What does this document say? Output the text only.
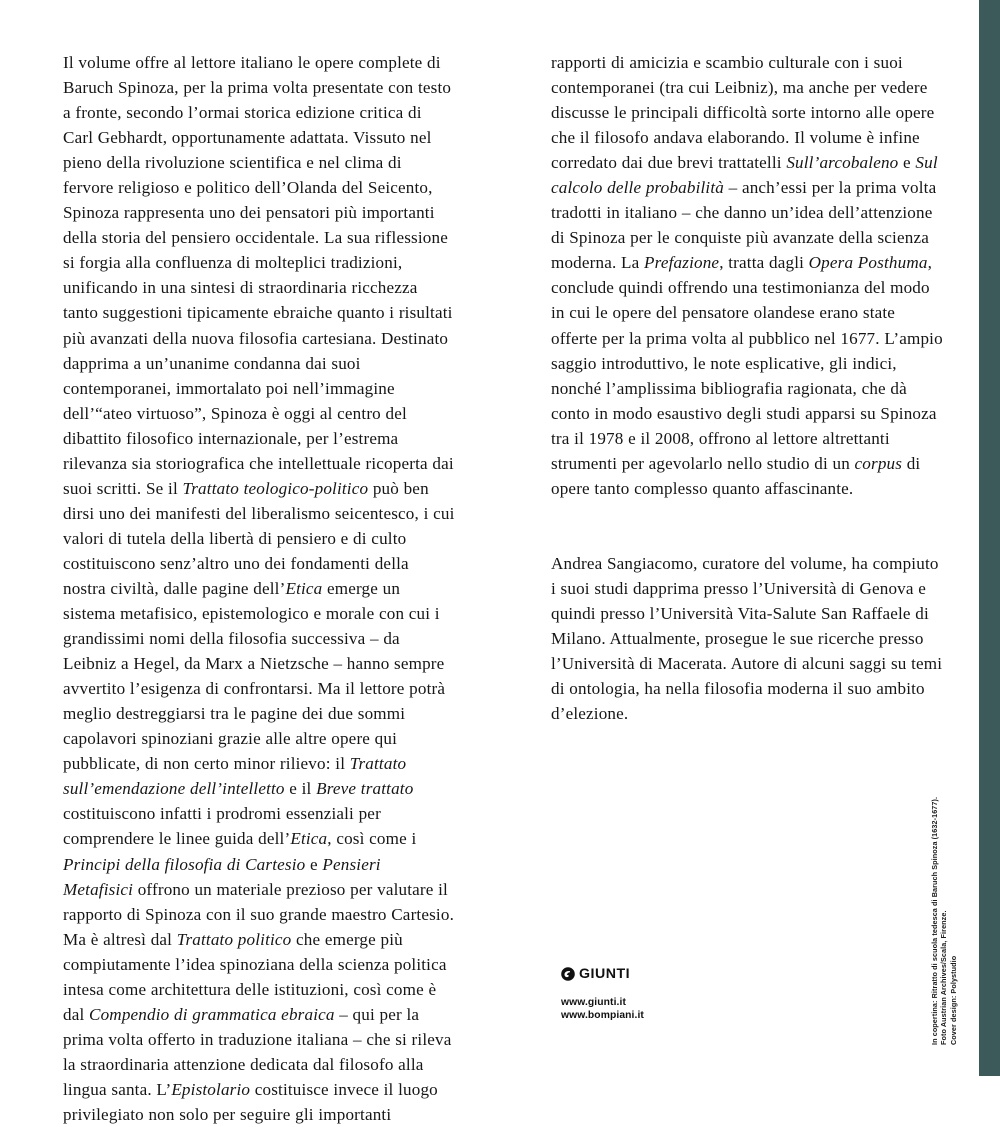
Il volume offre al lettore italiano le opere complete di Baruch Spinoza, per la prima volta presentate con testo a fronte, secondo l’ormai storica edizione critica di Carl Gebhardt, opportunamente adattata. Vissuto nel pieno della rivoluzione scientifica e nel clima di fervore religioso e politico dell’Olanda del Seicento, Spinoza rappresenta uno dei pensatori più importanti della storia del pensiero occidentale. La sua riflessione si forgia alla confluenza di molteplici tradizioni, unificando in una sintesi di straordinaria ricchezza tanto suggestioni tipicamente ebraiche quanto i risultati più avanzati della nuova filosofia cartesiana. Destinato dapprima a un’unanime condanna dai suoi contemporanei, immortalato poi nell’immagine dell’“ateo virtuoso”, Spinoza è oggi al centro del dibattito filosofico internazionale, per l’estrema rilevanza sia storiografica che intellettuale ricoperta dai suoi scritti. Se il Trattato teologico-politico può ben dirsi uno dei manifesti del liberalismo seicentesco, i cui valori di tutela della libertà di pensiero e di culto costituiscono senz’altro uno dei fondamenti della nostra civiltà, dalle pagine dell’Etica emerge un sistema metafisico, epistemologico e morale con cui i grandissimi nomi della filosofia successiva – da Leibniz a Hegel, da Marx a Nietzsche – hanno sempre avvertito l’esigenza di confrontarsi. Ma il lettore potrà meglio destreggiarsi tra le pagine dei due sommi capolavori spinoziani grazie alle altre opere qui pubblicate, di non certo minor rilievo: il Trattato sull’emendazione dell’intelletto e il Breve trattato costituiscono infatti i prodromi essenziali per comprendere le linee guida dell’Etica, così come i Principi della filosofia di Cartesio e Pensieri Metafisici offrono un materiale prezioso per valutare il rapporto di Spinoza con il suo grande maestro Cartesio. Ma è altresì dal Trattato politico che emerge più compiutamente l’idea spinoziana della scienza politica intesa come architettura delle istituzioni, così come è dal Compendio di grammatica ebraica – qui per la prima volta offerto in traduzione italiana – che si rileva la straordinaria attenzione dedicata dal filosofo alla lingua santa. L’Epistolario costituisce invece il luogo privilegiato non solo per seguire gli importanti

rapporti di amicizia e scambio culturale con i suoi contemporanei (tra cui Leibniz), ma anche per vedere discusse le principali difficoltà sorte intorno alle opere che il filosofo andava elaborando. Il volume è infine corredato dai due brevi trattatelli Sull’arcobaleno e Sul calcolo delle probabilità – anch’essi per la prima volta tradotti in italiano – che danno un’idea dell’attenzione di Spinoza per le conquiste più avanzate della scienza moderna. La Prefazione, tratta dagli Opera Posthuma, conclude quindi offrendo una testimonianza del modo in cui le opere del pensatore olandese erano state offerte per la prima volta al pubblico nel 1677. L’ampio saggio introduttivo, le note esplicative, gli indici, nonché l’amplissima bibliografia ragionata, che dà conto in modo esaustivo degli studi apparsi su Spinoza tra il 1978 e il 2008, offrono al lettore altrettanti strumenti per agevolarlo nello studio di un corpus di opere tanto complesso quanto affascinante.

Andrea Sangiacomo, curatore del volume, ha compiuto i suoi studi dapprima presso l’Università di Genova e quindi presso l’Università Vita-Salute San Raffaele di Milano. Attualmente, prosegue le sue ricerche presso l’Università di Macerata. Autore di alcuni saggi su temi di ontologia, ha nella filosofia moderna il suo ambito d’elezione.

GIUNTI
www.giunti.it
www.bompiani.it	In copertina: Ritratto di scuola tedesca di Baruch Spinoza (1632-1677). Foto Austrian Archives/Scala, Firenze. Cover design: Polystudio
